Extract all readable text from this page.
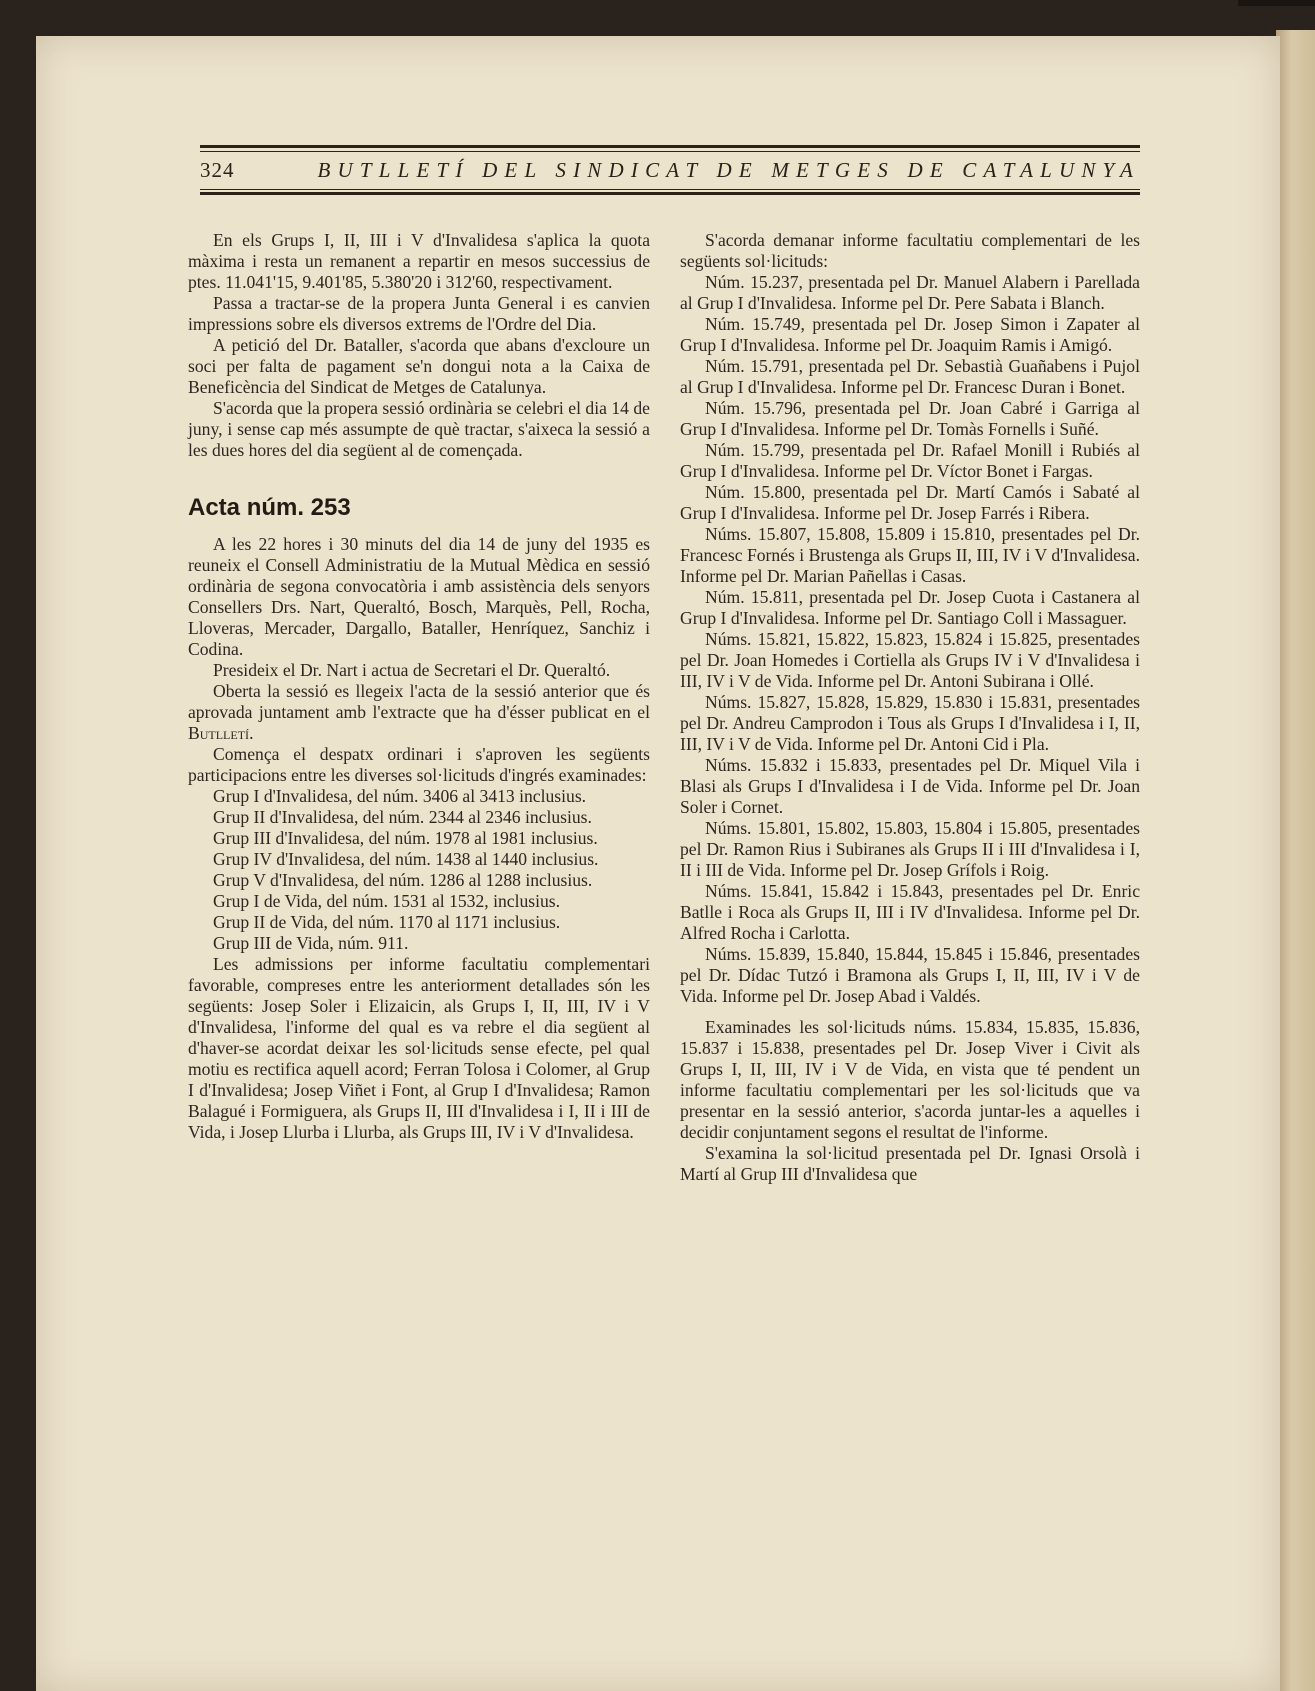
324	BUTLLETÍ DEL SINDICAT DE METGES DE CATALUNYA

En els Grups I, II, III i V d'Invalidesa s'aplica la quota màxima i resta un remanent a repartir en mesos successius de ptes. 11.041'15, 9.401'85, 5.380'20 i 312'60, respectivament.

Passa a tractar-se de la propera Junta General i es canvien impressions sobre els diversos extrems de l'Ordre del Dia.

A petició del Dr. Bataller, s'acorda que abans d'excloure un soci per falta de pagament se'n dongui nota a la Caixa de Beneficència del Sindicat de Metges de Catalunya.

S'acorda que la propera sessió ordinària se celebri el dia 14 de juny, i sense cap més assumpte de què tractar, s'aixeca la sessió a les dues hores del dia següent al de començada.

Acta núm. 253

A les 22 hores i 30 minuts del dia 14 de juny del 1935 es reuneix el Consell Administratiu de la Mutual Mèdica en sessió ordinària de segona convocatòria i amb assistència dels senyors Consellers Drs. Nart, Queraltó, Bosch, Marquès, Pell, Rocha, Lloveras, Mercader, Dargallo, Bataller, Henríquez, Sanchiz i Codina.

Presideix el Dr. Nart i actua de Secretari el Dr. Queraltó.

Oberta la sessió es llegeix l'acta de la sessió anterior que és aprovada juntament amb l'extracte que ha d'ésser publicat en el Butlletí.

Comença el despatx ordinari i s'aproven les següents participacions entre les diverses sol·licituds d'ingrés examinades:

Grup I d'Invalidesa, del núm. 3406 al 3413 inclusius.

Grup II d'Invalidesa, del núm. 2344 al 2346 inclusius.

Grup III d'Invalidesa, del núm. 1978 al 1981 inclusius.

Grup IV d'Invalidesa, del núm. 1438 al 1440 inclusius.

Grup V d'Invalidesa, del núm. 1286 al 1288 inclusius.

Grup I de Vida, del núm. 1531 al 1532, inclusius.

Grup II de Vida, del núm. 1170 al 1171 inclusius.

Grup III de Vida, núm. 911.

Les admissions per informe facultatiu complementari favorable, compreses entre les anteriorment detallades són les següents: Josep Soler i Elizaicin, als Grups I, II, III, IV i V d'Invalidesa, l'informe del qual es va rebre el dia següent al d'haver-se acordat deixar les sol·licituds sense efecte, pel qual motiu es rectifica aquell acord; Ferran Tolosa i Colomer, al Grup I d'Invalidesa; Josep Viñet i Font, al Grup I d'Invalidesa; Ramon Balagué i Formiguera, als Grups II, III d'Invalidesa i I, II i III de Vida, i Josep Llurba i Llurba, als Grups III, IV i V d'Invalidesa.

S'acorda demanar informe facultatiu complementari de les següents sol·licituds:

Núm. 15.237, presentada pel Dr. Manuel Alabern i Parellada al Grup I d'Invalidesa. Informe pel Dr. Pere Sabata i Blanch.

Núm. 15.749, presentada pel Dr. Josep Simon i Zapater al Grup I d'Invalidesa. Informe pel Dr. Joaquim Ramis i Amigó.

Núm. 15.791, presentada pel Dr. Sebastià Guañabens i Pujol al Grup I d'Invalidesa. Informe pel Dr. Francesc Duran i Bonet.

Núm. 15.796, presentada pel Dr. Joan Cabré i Garriga al Grup I d'Invalidesa. Informe pel Dr. Tomàs Fornells i Suñé.

Núm. 15.799, presentada pel Dr. Rafael Monill i Rubiés al Grup I d'Invalidesa. Informe pel Dr. Víctor Bonet i Fargas.

Núm. 15.800, presentada pel Dr. Martí Camós i Sabaté al Grup I d'Invalidesa. Informe pel Dr. Josep Farrés i Ribera.

Núms. 15.807, 15.808, 15.809 i 15.810, presentades pel Dr. Francesc Fornés i Brustenga als Grups II, III, IV i V d'Invalidesa. Informe pel Dr. Marian Pañellas i Casas.

Núm. 15.811, presentada pel Dr. Josep Cuota i Castanera al Grup I d'Invalidesa. Informe pel Dr. Santiago Coll i Massaguer.

Núms. 15.821, 15.822, 15.823, 15.824 i 15.825, presentades pel Dr. Joan Homedes i Cortiella als Grups IV i V d'Invalidesa i III, IV i V de Vida. Informe pel Dr. Antoni Subirana i Ollé.

Núms. 15.827, 15.828, 15.829, 15.830 i 15.831, presentades pel Dr. Andreu Camprodon i Tous als Grups I d'Invalidesa i I, II, III, IV i V de Vida. Informe pel Dr. Antoni Cid i Pla.

Núms. 15.832 i 15.833, presentades pel Dr. Miquel Vila i Blasi als Grups I d'Invalidesa i I de Vida. Informe pel Dr. Joan Soler i Cornet.

Núms. 15.801, 15.802, 15.803, 15.804 i 15.805, presentades pel Dr. Ramon Rius i Subiranes als Grups II i III d'Invalidesa i I, II i III de Vida. Informe pel Dr. Josep Grífols i Roig.

Núms. 15.841, 15.842 i 15.843, presentades pel Dr. Enric Batlle i Roca als Grups II, III i IV d'Invalidesa. Informe pel Dr. Alfred Rocha i Carlotta.

Núms. 15.839, 15.840, 15.844, 15.845 i 15.846, presentades pel Dr. Dídac Tutzó i Bramona als Grups I, II, III, IV i V de Vida. Informe pel Dr. Josep Abad i Valdés.

Examinades les sol·licituds núms. 15.834, 15.835, 15.836, 15.837 i 15.838, presentades pel Dr. Josep Viver i Civit als Grups I, II, III, IV i V de Vida, en vista que té pendent un informe facultatiu complementari per les sol·licituds que va presentar en la sessió anterior, s'acorda juntar-les a aquelles i decidir conjuntament segons el resultat de l'informe.

S'examina la sol·licitud presentada pel Dr. Ignasi Orsolà i Martí al Grup III d'Invalidesa que
